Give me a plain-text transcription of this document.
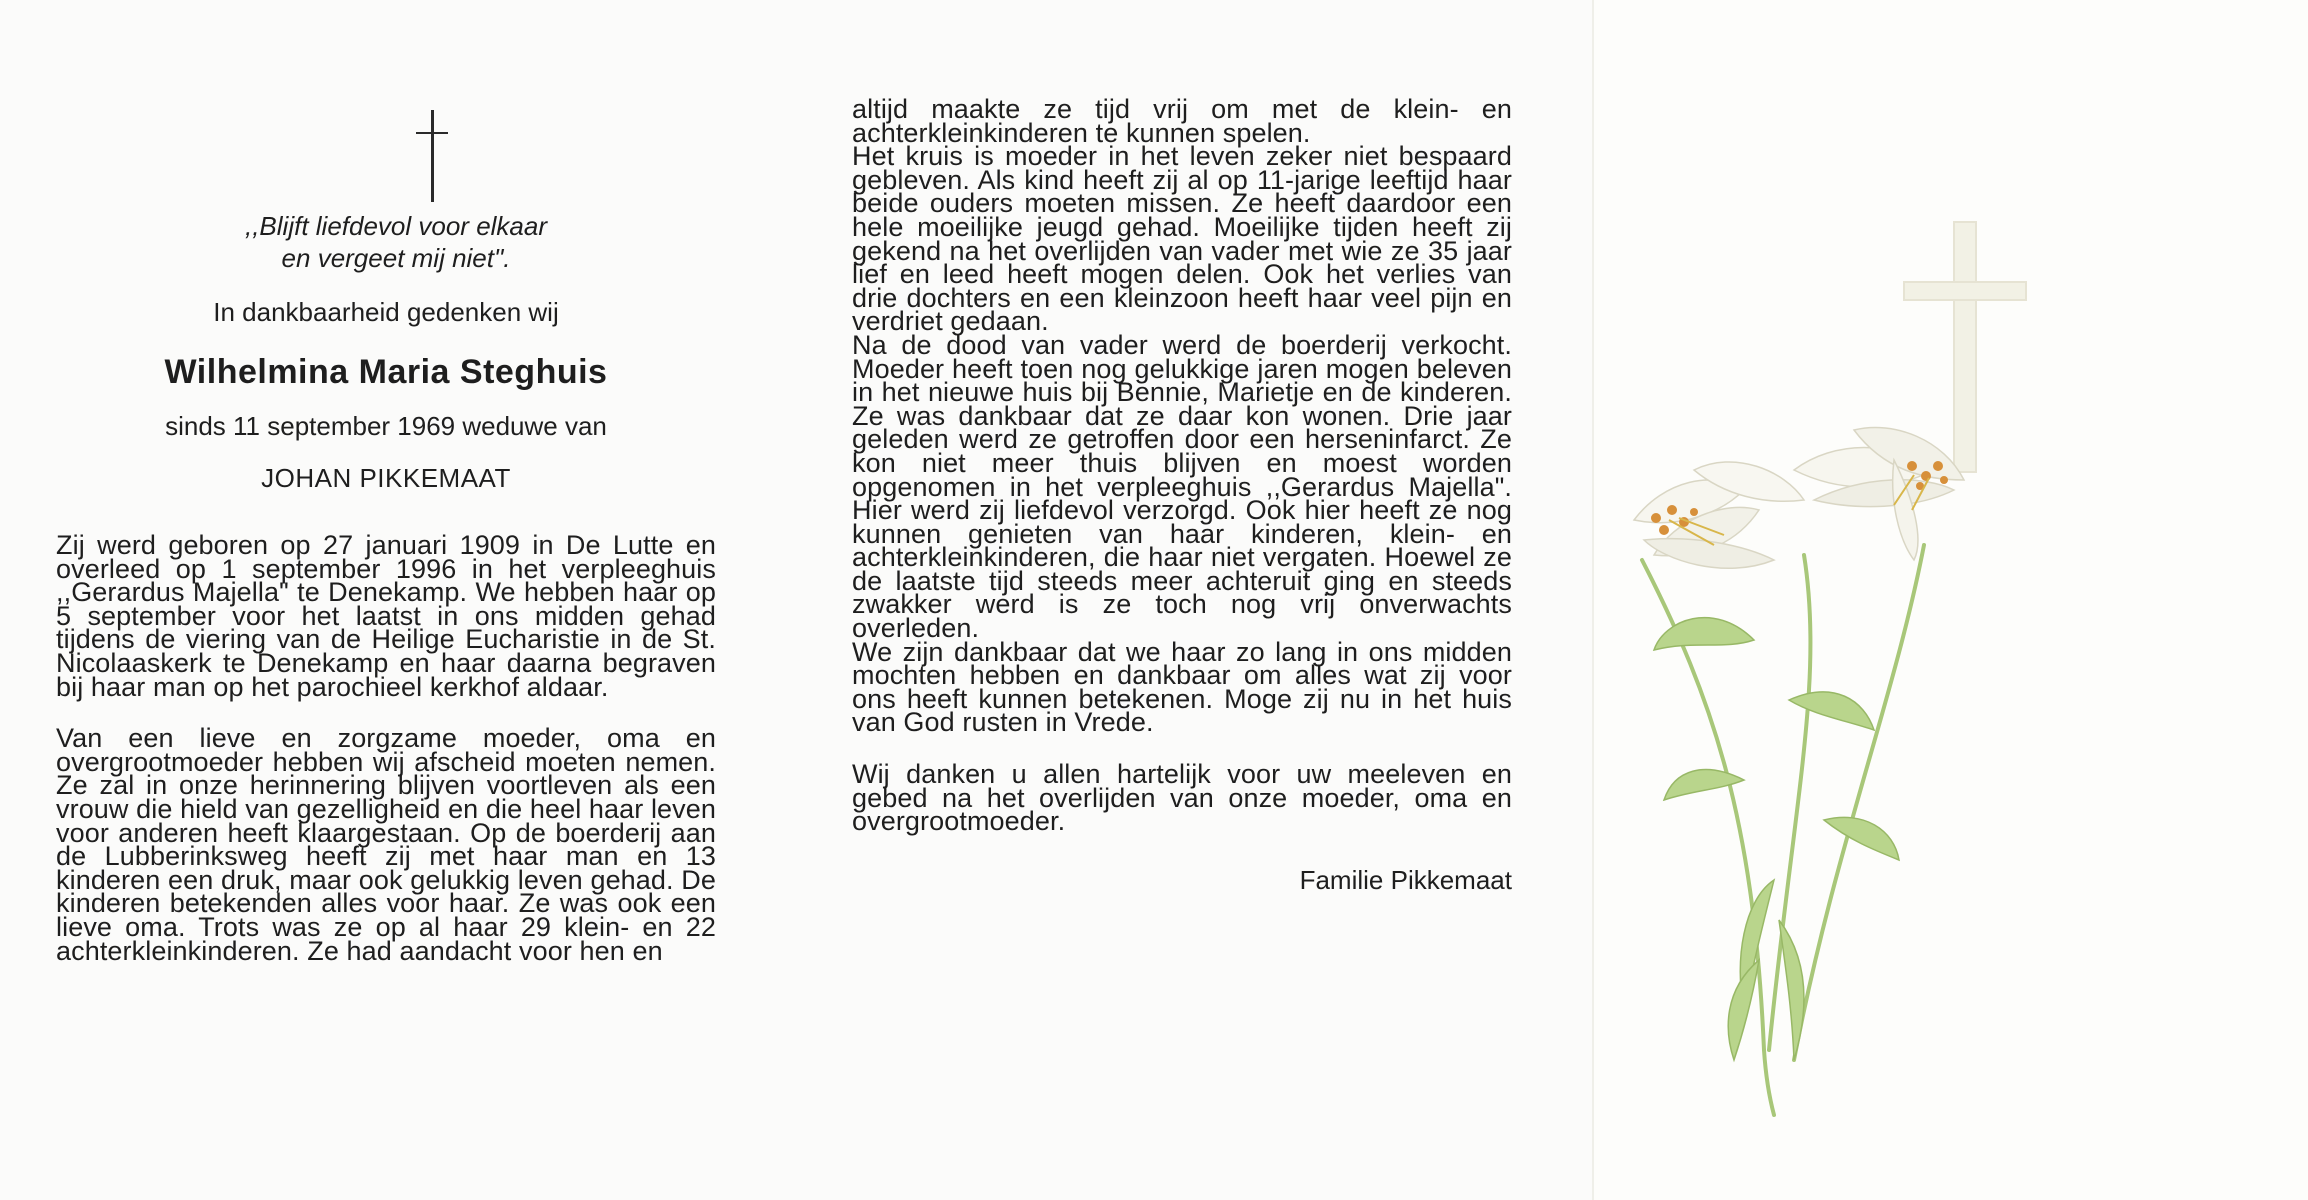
,,Blijft liefdevol voor elkaar
en vergeet mij niet".
In dankbaarheid gedenken wij
Wilhelmina Maria Steghuis
sinds 11 september 1969 weduwe van
JOHAN PIKKEMAAT

Zij werd geboren op 27 januari 1909 in De Lutte en overleed op 1 september 1996 in het verpleeghuis ,,Gerardus Majella" te Denekamp. We hebben haar op 5 september voor het laatst in ons midden gehad tijdens de viering van de Heilige Eucharistie in de St. Nicolaaskerk te Denekamp en haar daarna begraven bij haar man op het parochieel kerkhof aldaar.

Van een lieve en zorgzame moeder, oma en overgrootmoeder hebben wij afscheid moeten nemen. Ze zal in onze herinnering blijven voortleven als een vrouw die hield van gezelligheid en die heel haar leven voor anderen heeft klaargestaan. Op de boerderij aan de Lubberinksweg heeft zij met haar man en 13 kinderen een druk, maar ook gelukkig leven gehad. De kinderen betekenden alles voor haar. Ze was ook een lieve oma. Trots was ze op al haar 29 klein- en 22 achterkleinkinderen. Ze had aandacht voor hen en

altijd maakte ze tijd vrij om met de klein- en achterkleinkinderen te kunnen spelen.

Het kruis is moeder in het leven zeker niet bespaard gebleven. Als kind heeft zij al op 11-jarige leeftijd haar beide ouders moeten missen. Ze heeft daardoor een hele moeilijke jeugd gehad. Moeilijke tijden heeft zij gekend na het overlijden van vader met wie ze 35 jaar lief en leed heeft mogen delen. Ook het verlies van drie dochters en een kleinzoon heeft haar veel pijn en verdriet gedaan.

Na de dood van vader werd de boerderij verkocht. Moeder heeft toen nog gelukkige jaren mogen beleven in het nieuwe huis bij Bennie, Marietje en de kinderen. Ze was dankbaar dat ze daar kon wonen. Drie jaar geleden werd ze getroffen door een herseninfarct. Ze kon niet meer thuis blijven en moest worden opgenomen in het verpleeghuis ,,Gerardus Majella". Hier werd zij liefdevol verzorgd. Ook hier heeft ze nog kunnen genieten van haar kinderen, klein- en achterkleinkinderen, die haar niet vergaten. Hoewel ze de laatste tijd steeds meer achteruit ging en steeds zwakker werd is ze toch nog vrij onverwachts overleden.

We zijn dankbaar dat we haar zo lang in ons midden mochten hebben en dankbaar om alles wat zij voor ons heeft kunnen betekenen. Moge zij nu in het huis van God rusten in Vrede.

Wij danken u allen hartelijk voor uw meeleven en gebed na het overlijden van onze moeder, oma en overgrootmoeder.

Familie Pikkemaat
